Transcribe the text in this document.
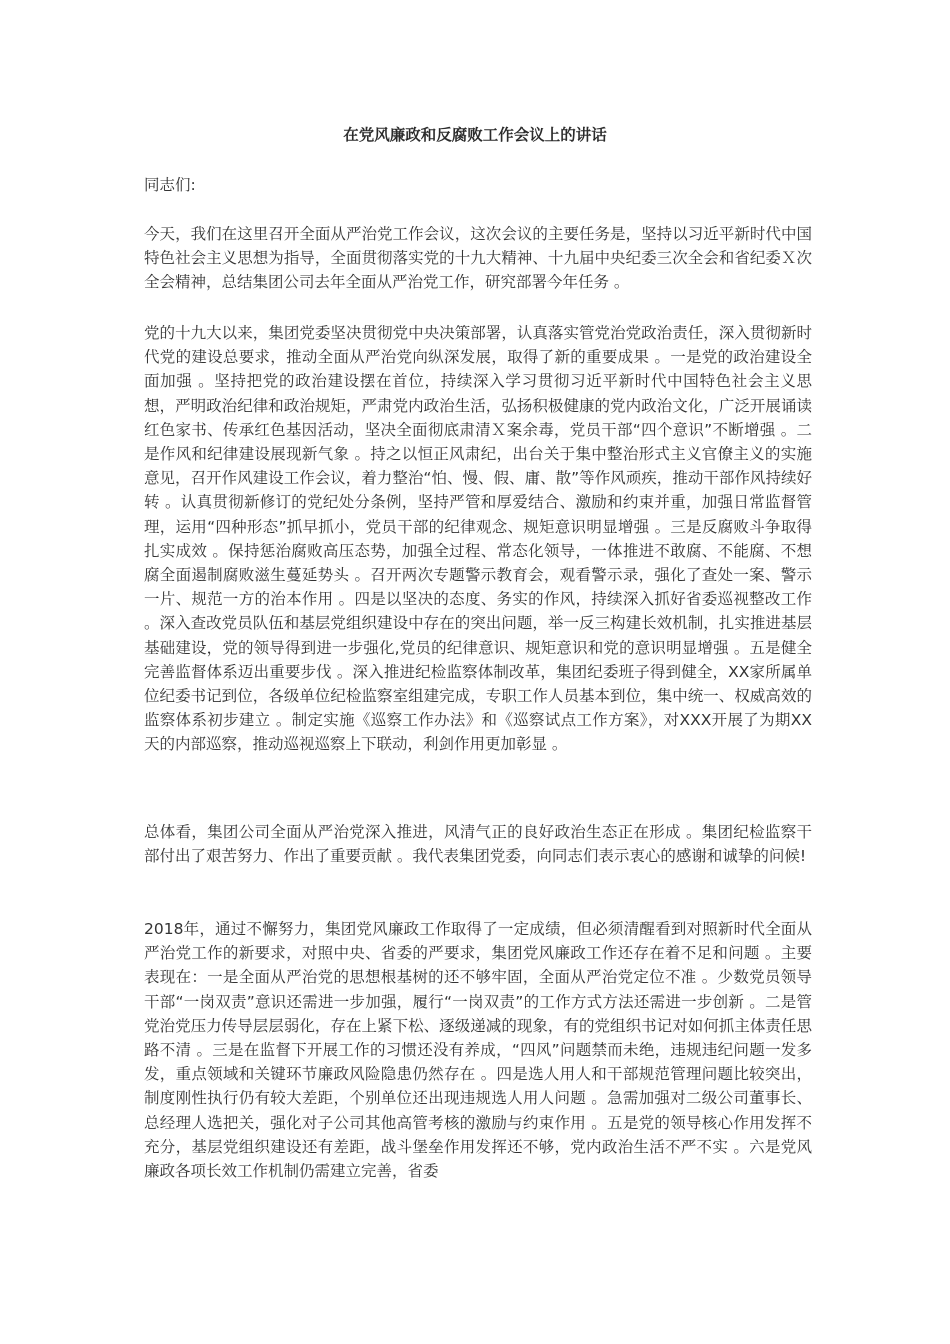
在党风廉政和反腐败工作会议上的讲话

同志们:

今天，我们在这里召开全面从严治党工作会议，这次会议的主要任务是，坚持以习近平新时代中国特色社会主义思想为指导，全面贯彻落实党的十九大精神、十九届中央纪委三次全会和省纪委Ｘ次全会精神，总结集团公司去年全面从严治党工作，研究部署今年任务 。

党的十九大以来，集团党委坚决贯彻党中央决策部署，认真落实管党治党政治责任，深入贯彻新时代党的建设总要求，推动全面从严治党向纵深发展，取得了新的重要成果 。一是党的政治建设全面加强 。坚持把党的政治建设摆在首位，持续深入学习贯彻习近平新时代中国特色社会主义思想，严明政治纪律和政治规矩，严肃党内政治生活，弘扬积极健康的党内政治文化，广泛开展诵读红色家书、传承红色基因活动，坚决全面彻底肃清Ｘ案余毒，党员干部“四个意识”不断增强 。二是作风和纪律建设展现新气象 。持之以恒正风肃纪，出台关于集中整治形式主义官僚主义的实施意见，召开作风建设工作会议，着力整治“怕、慢、假、庸、散”等作风顽疾，推动干部作风持续好转 。认真贯彻新修订的党纪处分条例，坚持严管和厚爱结合、激励和约束并重，加强日常监督管理，运用“四种形态”抓早抓小，党员干部的纪律观念、规矩意识明显增强 。三是反腐败斗争取得扎实成效 。保持惩治腐败高压态势，加强全过程、常态化领导，一体推进不敢腐、不能腐、不想腐全面遏制腐败滋生蔓延势头 。召开两次专题警示教育会，观看警示录，强化了查处一案、警示一片、规范一方的治本作用 。四是以坚决的态度、务实的作风，持续深入抓好省委巡视整改工作 。深入查改党员队伍和基层党组织建设中存在的突出问题，举一反三构建长效机制，扎实推进基层基础建设，党的领导得到进一步强化,党员的纪律意识、规矩意识和党的意识明显增强 。五是健全完善监督体系迈出重要步伐 。深入推进纪检监察体制改革，集团纪委班子得到健全，XX家所属单位纪委书记到位，各级单位纪检监察室组建完成，专职工作人员基本到位，集中统一、权威高效的监察体系初步建立 。制定实施《巡察工作办法》和《巡察试点工作方案》，对XXX开展了为期XX天的内部巡察，推动巡视巡察上下联动，利剑作用更加彰显 。

总体看，集团公司全面从严治党深入推进，风清气正的良好政治生态正在形成 。集团纪检监察干部付出了艰苦努力、作出了重要贡献 。我代表集团党委，向同志们表示衷心的感谢和诚挚的问候!

2018年，通过不懈努力，集团党风廉政工作取得了一定成绩，但必须清醒看到对照新时代全面从严治党工作的新要求，对照中央、省委的严要求，集团党风廉政工作还存在着不足和问题 。主要表现在：一是全面从严治党的思想根基树的还不够牢固，全面从严治党定位不准 。少数党员领导干部“一岗双责”意识还需进一步加强，履行“一岗双责”的工作方式方法还需进一步创新 。二是管党治党压力传导层层弱化，存在上紧下松、逐级递减的现象，有的党组织书记对如何抓主体责任思路不清 。三是在监督下开展工作的习惯还没有养成，“四风”问题禁而未绝，违规违纪问题一发多发，重点领域和关键环节廉政风险隐患仍然存在 。四是选人用人和干部规范管理问题比较突出，制度刚性执行仍有较大差距，个别单位还出现违规选人用人问题 。急需加强对二级公司董事长、总经理人选把关，强化对子公司其他高管考核的激励与约束作用 。五是党的领导核心作用发挥不充分，基层党组织建设还有差距，战斗堡垒作用发挥还不够，党内政治生活不严不实 。六是党风廉政各项长效工作机制仍需建立完善，省委
